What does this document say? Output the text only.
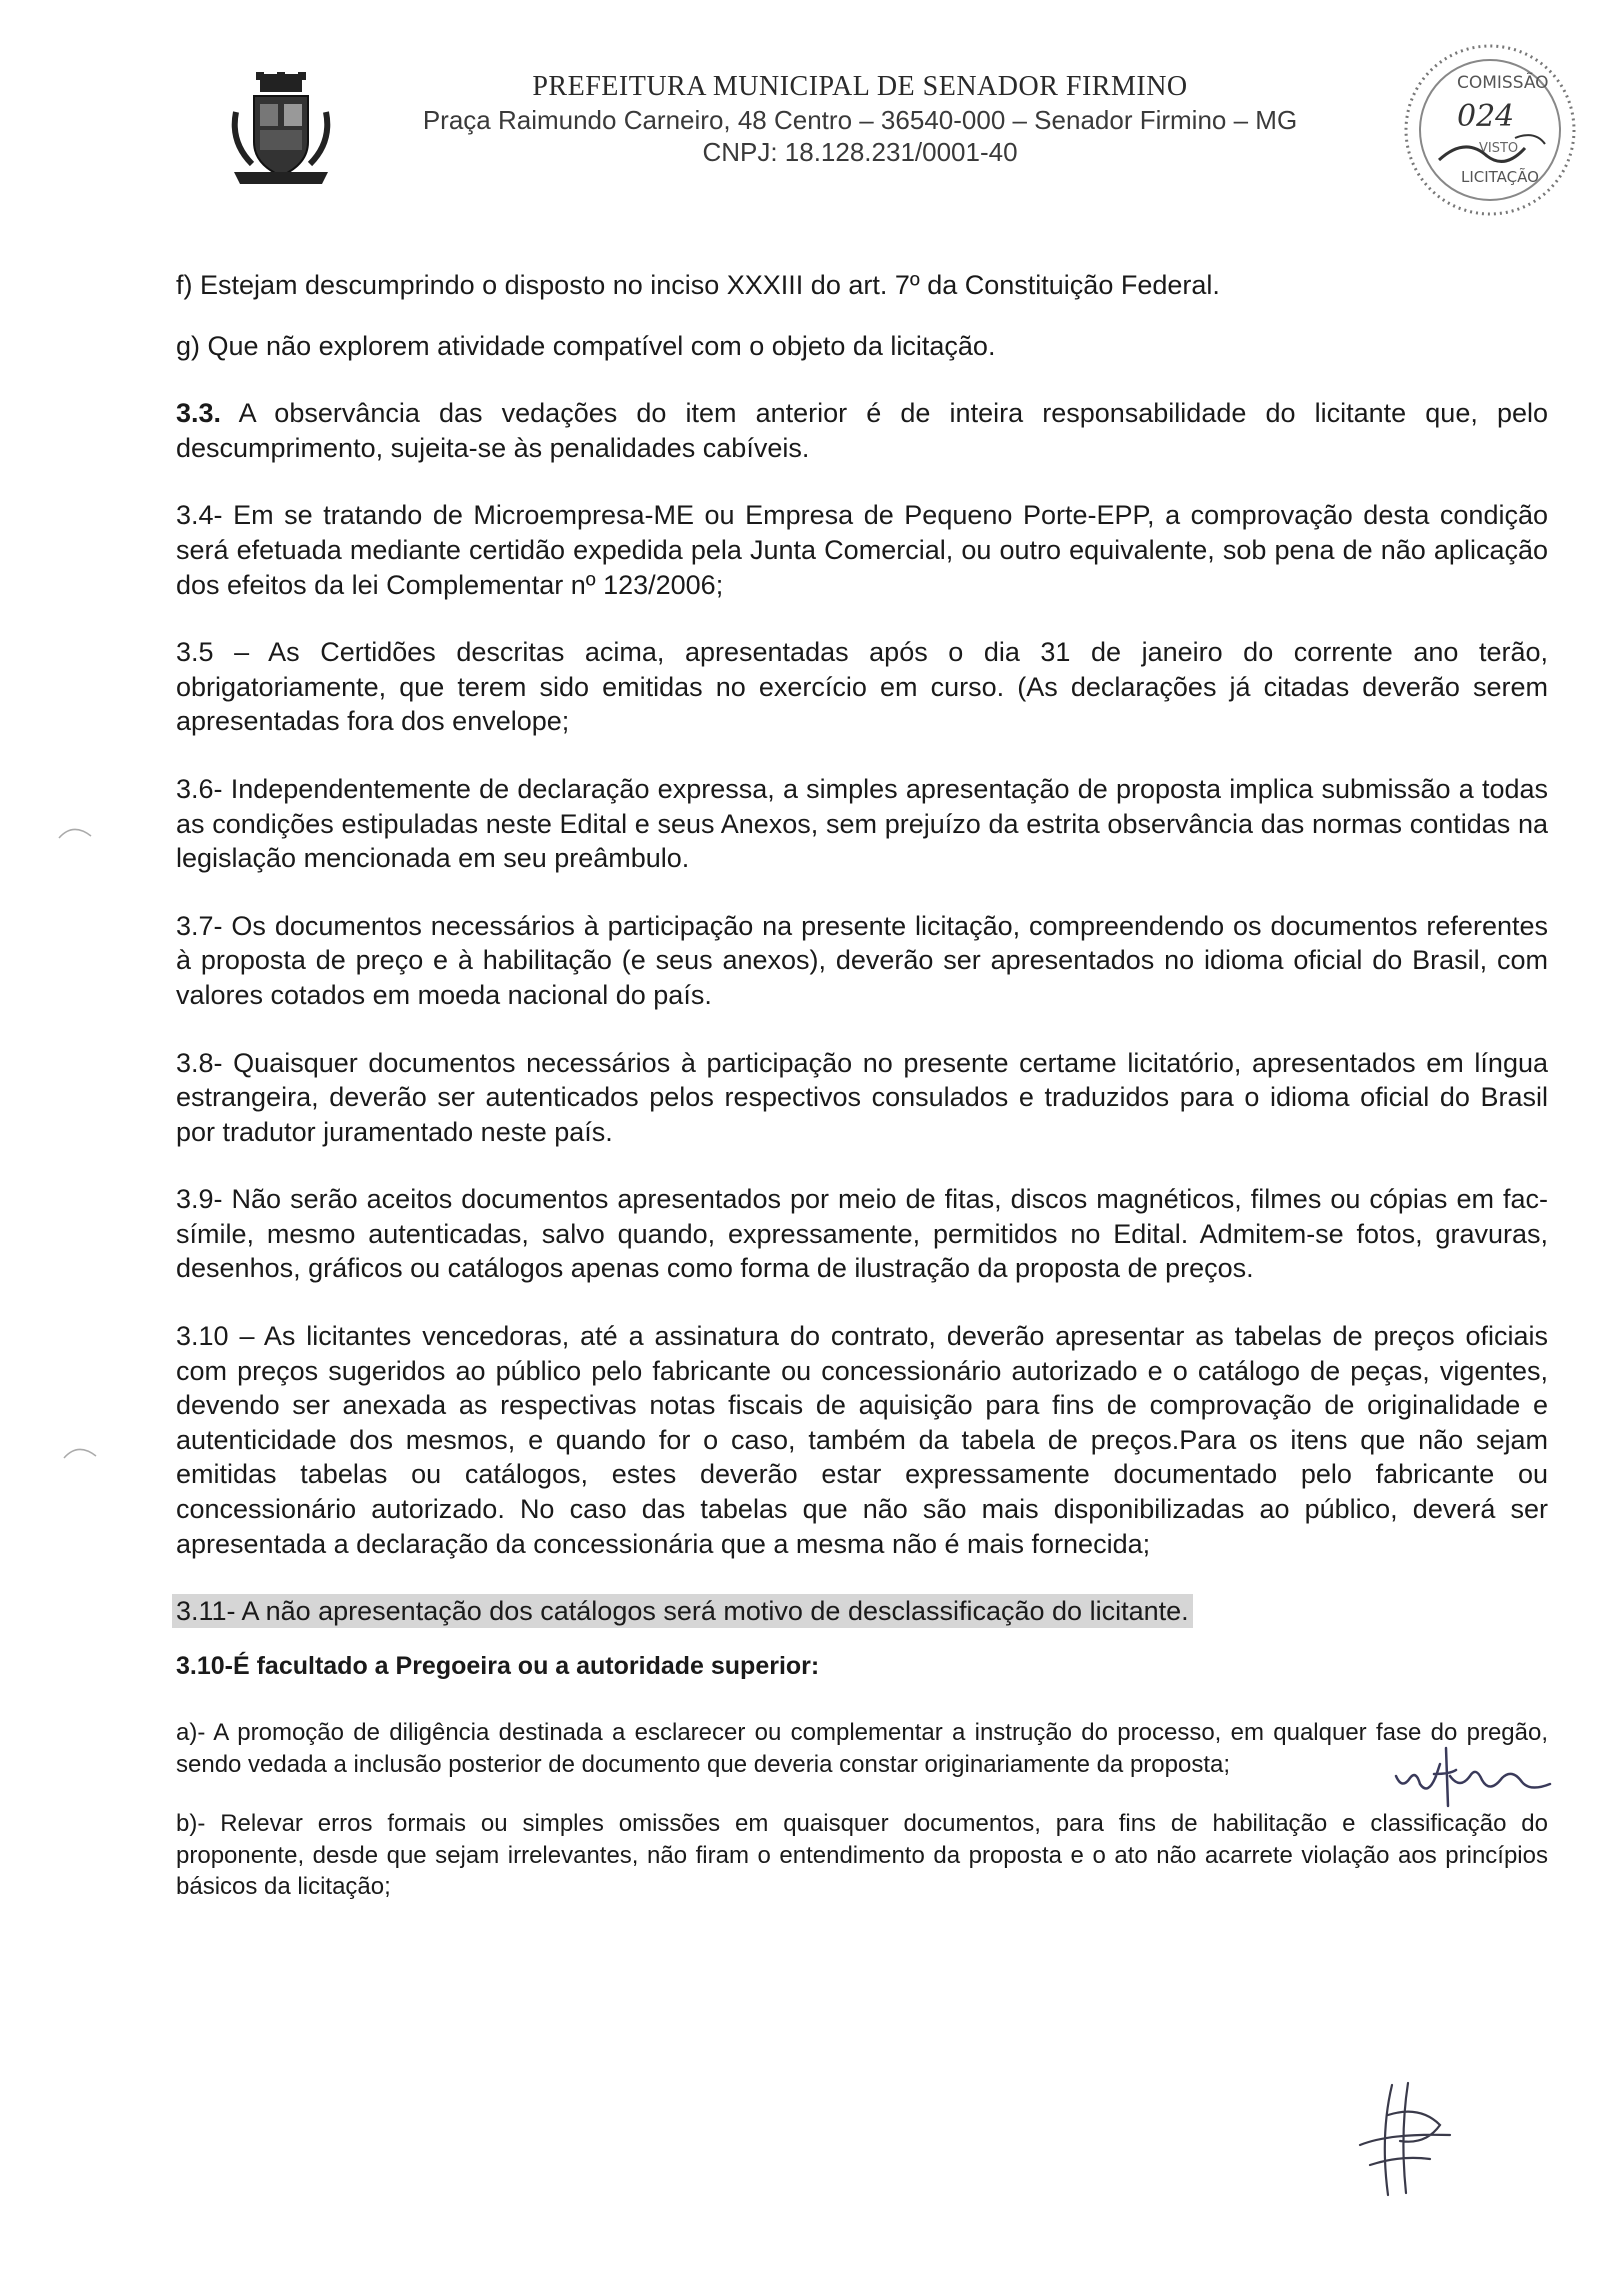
PREFEITURA MUNICIPAL DE SENADOR FIRMINO
Praça Raimundo Carneiro, 48 Centro – 36540-000 – Senador Firmino – MG
CNPJ: 18.128.231/0001-40
COMISSÃO
LICITAÇÃO
024
VISTO

f) Estejam descumprindo o disposto no inciso XXXIII do art. 7º da Constituição Federal.

g) Que não explorem atividade compatível com o objeto da licitação.

3.3. A observância das vedações do item anterior é de inteira responsabilidade do licitante que, pelo descumprimento, sujeita-se às penalidades cabíveis.

3.4- Em se tratando de Microempresa-ME ou Empresa de Pequeno Porte-EPP, a comprovação desta condição será efetuada mediante certidão expedida pela Junta Comercial, ou outro equivalente, sob pena de não aplicação dos efeitos da lei Complementar nº 123/2006;

3.5 – As Certidões descritas acima, apresentadas após o dia 31 de janeiro do corrente ano terão, obrigatoriamente, que terem sido emitidas no exercício em curso. (As declarações já citadas deverão serem apresentadas fora dos envelope;

3.6- Independentemente de declaração expressa, a simples apresentação de proposta implica submissão a todas as condições estipuladas neste Edital e seus Anexos, sem prejuízo da estrita observância das normas contidas na legislação mencionada em seu preâmbulo.

3.7- Os documentos necessários à participação na presente licitação, compreendendo os documentos referentes à proposta de preço e à habilitação (e seus anexos), deverão ser apresentados no idioma oficial do Brasil, com valores cotados em moeda nacional do país.

3.8- Quaisquer documentos necessários à participação no presente certame licitatório, apresentados em língua estrangeira, deverão ser autenticados pelos respectivos consulados e traduzidos para o idioma oficial do Brasil por tradutor juramentado neste país.

3.9- Não serão aceitos documentos apresentados por meio de fitas, discos magnéticos, filmes ou cópias em fac-símile, mesmo autenticadas, salvo quando, expressamente, permitidos no Edital. Admitem-se fotos, gravuras, desenhos, gráficos ou catálogos apenas como forma de ilustração da proposta de preços.

3.10 – As licitantes vencedoras, até a assinatura do contrato, deverão apresentar as tabelas de preços oficiais com preços sugeridos ao público pelo fabricante ou concessionário autorizado e o catálogo de peças, vigentes, devendo ser anexada as respectivas notas fiscais de aquisição para fins de comprovação de originalidade e autenticidade dos mesmos, e quando for o caso, também da tabela de preços.Para os itens que não sejam emitidas tabelas ou catálogos, estes deverão estar expressamente documentado pelo fabricante ou concessionário autorizado. No caso das tabelas que não são mais disponibilizadas ao público, deverá ser apresentada a declaração da concessionária que a mesma não é mais fornecida;

3.11- A não apresentação dos catálogos será motivo de desclassificação do licitante.

3.10-É facultado a Pregoeira ou a autoridade superior:

a)- A promoção de diligência destinada a esclarecer ou complementar a instrução do processo, em qualquer fase do pregão, sendo vedada a inclusão posterior de documento que deveria constar originariamente da proposta;

b)- Relevar erros formais ou simples omissões em quaisquer documentos, para fins de habilitação e classificação do proponente, desde que sejam irrelevantes, não firam o entendimento da proposta e o ato não acarrete violação aos princípios básicos da licitação;
